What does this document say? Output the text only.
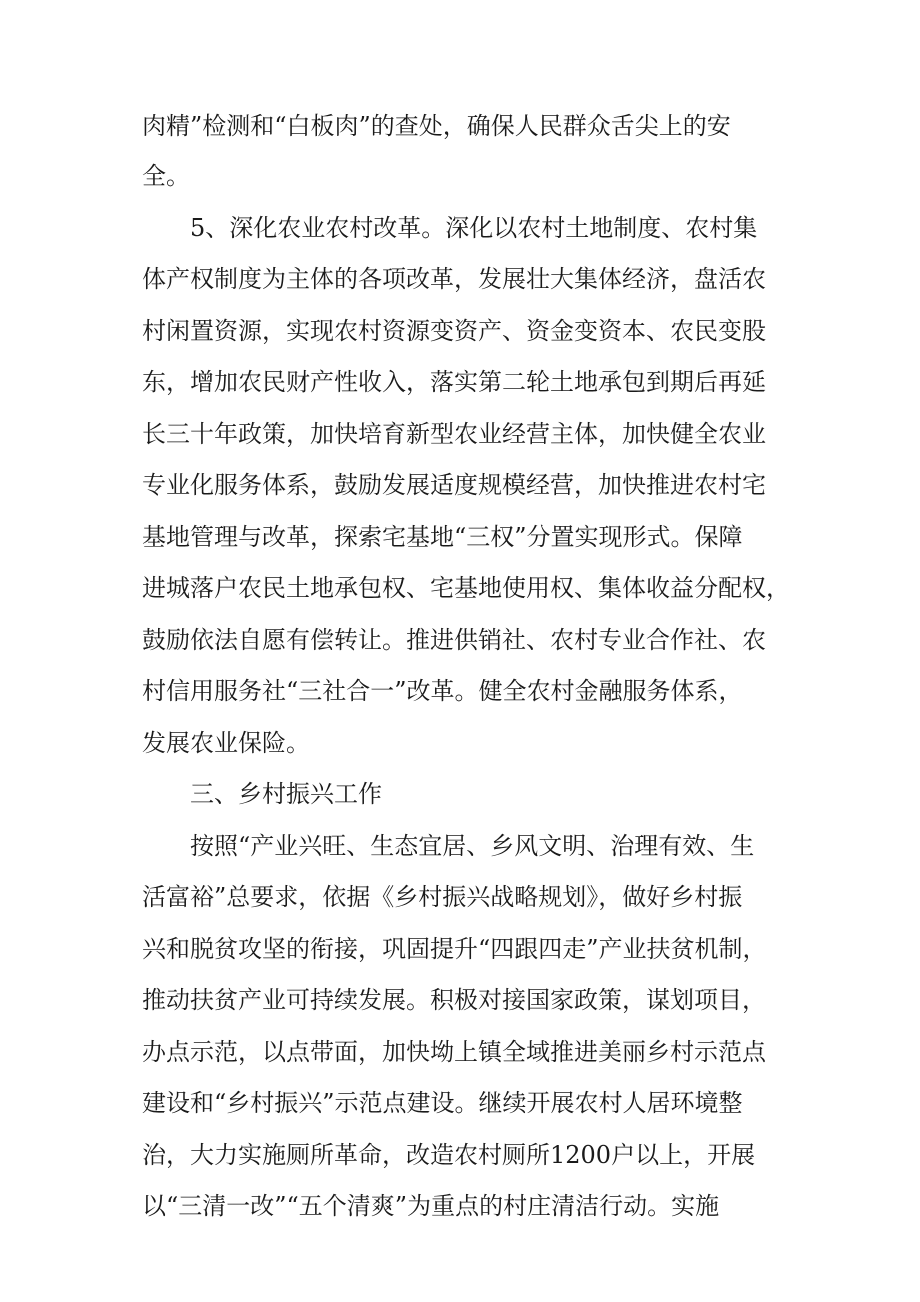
肉精”检测和“白板肉”的查处，确保人民群众舌尖上的安
全。
5、深化农业农村改革。深化以农村土地制度、农村集
体产权制度为主体的各项改革，发展壮大集体经济，盘活农
村闲置资源，实现农村资源变资产、资金变资本、农民变股
东，增加农民财产性收入，落实第二轮土地承包到期后再延
长三十年政策，加快培育新型农业经营主体，加快健全农业
专业化服务体系，鼓励发展适度规模经营，加快推进农村宅
基地管理与改革，探索宅基地“三权”分置实现形式。保障
进城落户农民土地承包权、宅基地使用权、集体收益分配权，
鼓励依法自愿有偿转让。推进供销社、农村专业合作社、农
村信用服务社“三社合一”改革。健全农村金融服务体系，
发展农业保险。
三、乡村振兴工作
按照“产业兴旺、生态宜居、乡风文明、治理有效、生
活富裕”总要求，依据《乡村振兴战略规划》，做好乡村振
兴和脱贫攻坚的衔接，巩固提升“四跟四走”产业扶贫机制，
推动扶贫产业可持续发展。积极对接国家政策，谋划项目，
办点示范，以点带面，加快坳上镇全域推进美丽乡村示范点
建设和“乡村振兴”示范点建设。继续开展农村人居环境整
治，大力实施厕所革命，改造农村厕所1200户以上，开展
以“三清一改”“五个清爽”为重点的村庄清洁行动。实施
